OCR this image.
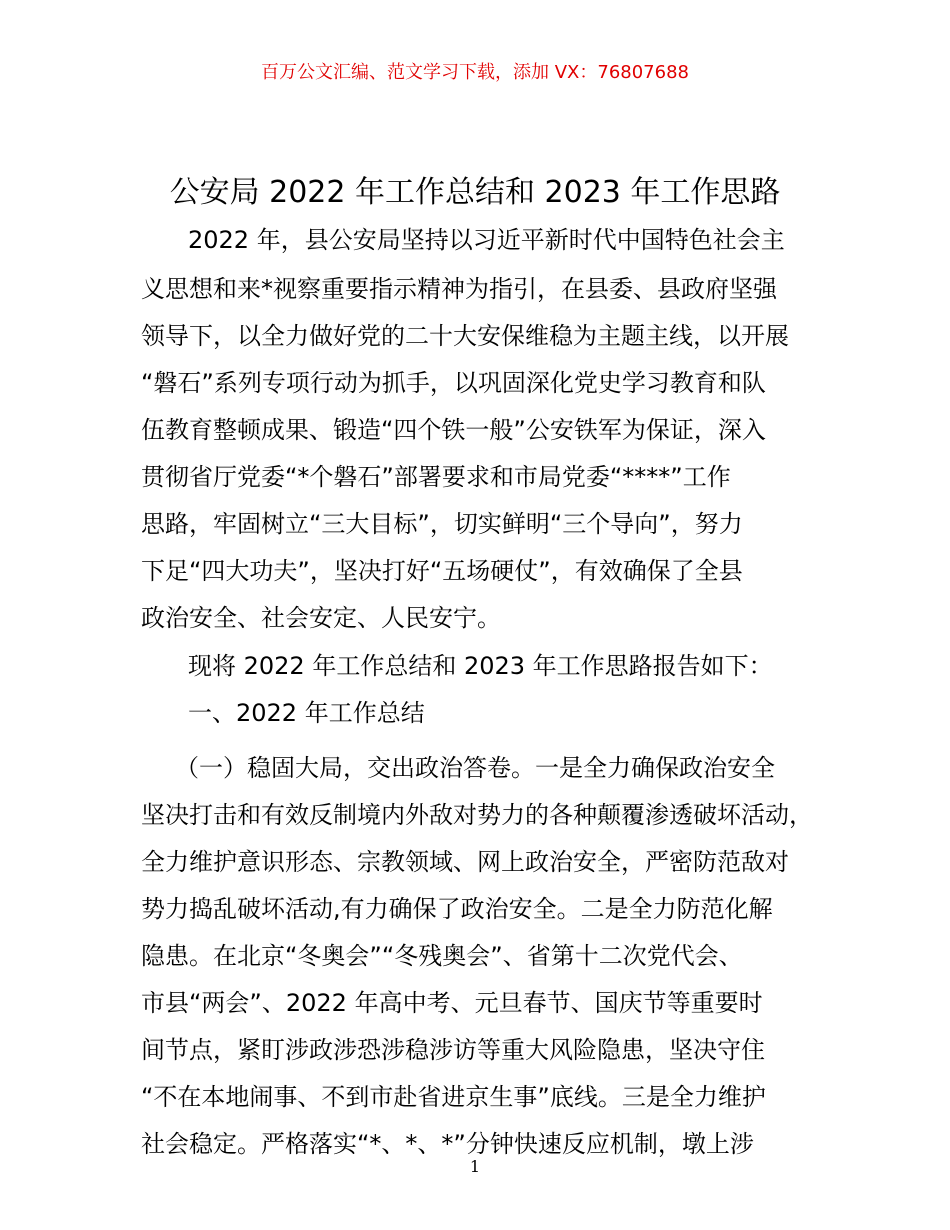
百万公文汇编、范文学习下载，添加 VX：76807688
公安局 2022 年工作总结和 2023 年工作思路
2022 年，县公安局坚持以习近平新时代中国特色社会主
义思想和来*视察重要指示精神为指引，在县委、县政府坚强
领导下，以全力做好党的二十大安保维稳为主题主线，以开展
“磐石”系列专项行动为抓手，以巩固深化党史学习教育和队
伍教育整顿成果、锻造“四个铁一般”公安铁军为保证，深入
贯彻省厅党委“*个磐石”部署要求和市局党委“****”工作
思路，牢固树立“三大目标”，切实鲜明“三个导向”，努力
下足“四大功夫”，坚决打好“五场硬仗”，有效确保了全县
政治安全、社会安定、人民安宁。
现将 2022 年工作总结和 2023 年工作思路报告如下：
一、2022 年工作总结
（一）稳固大局，交出政治答卷。一是全力确保政治安全
坚决打击和有效反制境内外敌对势力的各种颠覆渗透破坏活动，
全力维护意识形态、宗教领域、网上政治安全，严密防范敌对
势力捣乱破坏活动,有力确保了政治安全。二是全力防范化解
隐患。在北京“冬奥会”“冬残奥会”、省第十二次党代会、
市县“两会”、2022 年高中考、元旦春节、国庆节等重要时
间节点，紧盯涉政涉恐涉稳涉访等重大风险隐患，坚决守住
“不在本地闹事、不到市赴省进京生事”底线。三是全力维护
社会稳定。严格落实“*、*、*”分钟快速反应机制，墩上涉
1
